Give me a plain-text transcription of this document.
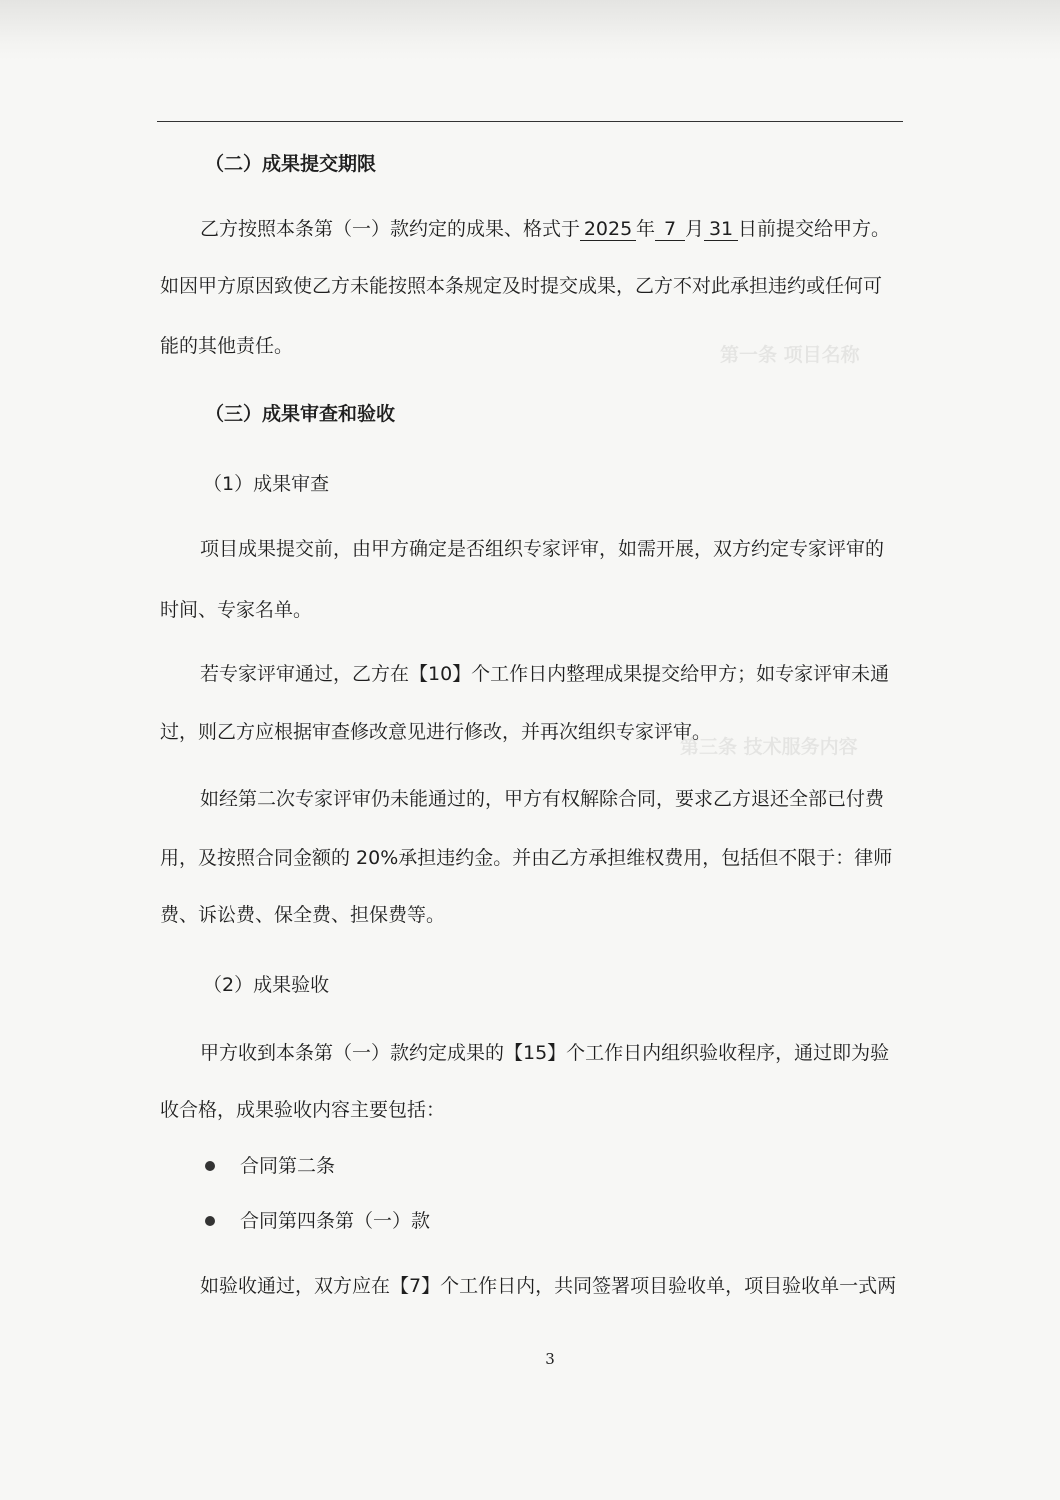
第一条 项目名称
第三条 技术服务内容
（二）成果提交期限
乙方按照本条第（一）款约定的成果、格式于 2025 年 7 月 31 日前提交给甲方。
如因甲方原因致使乙方未能按照本条规定及时提交成果，乙方不对此承担违约或任何可
能的其他责任。
（三）成果审查和验收
（1）成果审查
项目成果提交前，由甲方确定是否组织专家评审，如需开展，双方约定专家评审的
时间、专家名单。
若专家评审通过，乙方在【10】个工作日内整理成果提交给甲方；如专家评审未通
过，则乙方应根据审查修改意见进行修改，并再次组织专家评审。
如经第二次专家评审仍未能通过的，甲方有权解除合同，要求乙方退还全部已付费
用，及按照合同金额的 20%承担违约金。并由乙方承担维权费用，包括但不限于：律师
费、诉讼费、保全费、担保费等。
（2）成果验收
甲方收到本条第（一）款约定成果的【15】个工作日内组织验收程序，通过即为验
收合格，成果验收内容主要包括：
合同第二条
合同第四条第（一）款
如验收通过，双方应在【7】个工作日内，共同签署项目验收单，项目验收单一式两
3
